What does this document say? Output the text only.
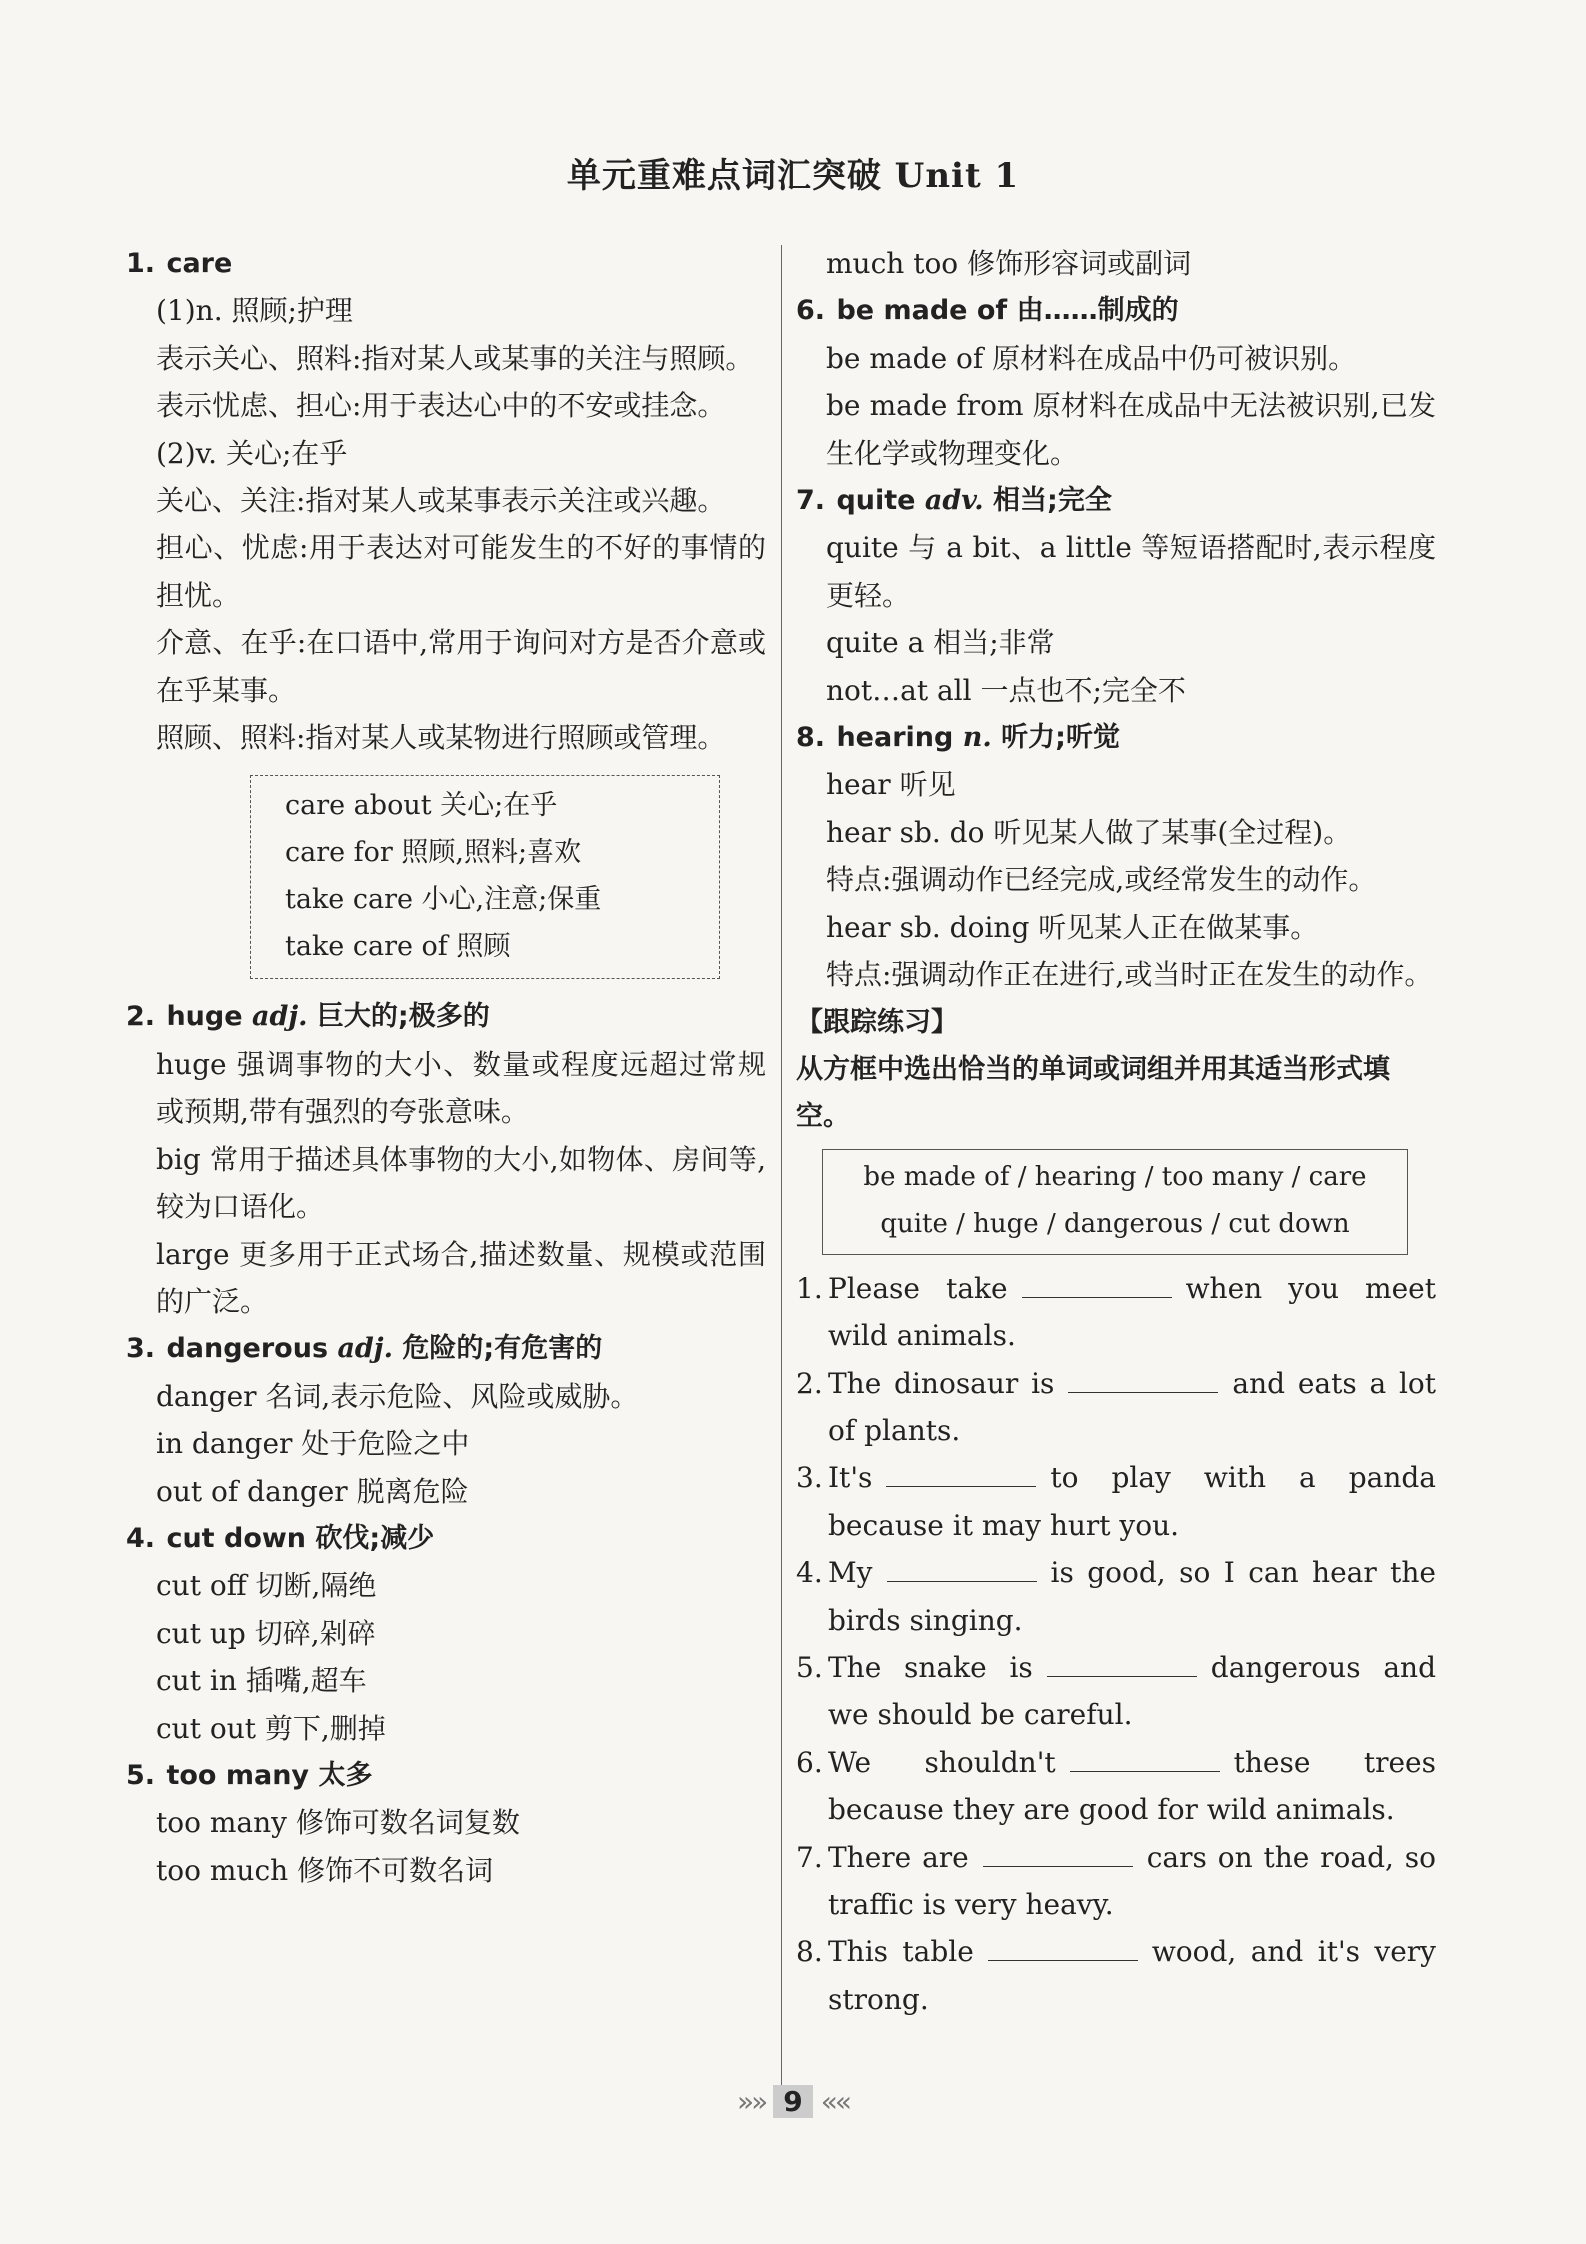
单元重难点词汇突破 Unit 1
1. care
(1)n. 照顾;护理
表示关心、照料:指对某人或某事的关注与照顾。
表示忧虑、担心:用于表达心中的不安或挂念。
(2)v. 关心;在乎
关心、关注:指对某人或某事表示关注或兴趣。
担心、忧虑:用于表达对可能发生的不好的事情的担忧。
介意、在乎:在口语中,常用于询问对方是否介意或在乎某事。
照顾、照料:指对某人或某物进行照顾或管理。
care about 关心;在乎
care for 照顾,照料;喜欢
take care 小心,注意;保重
take care of 照顾
2. huge adj. 巨大的;极多的
huge 强调事物的大小、数量或程度远超过常规或预期,带有强烈的夸张意味。
big 常用于描述具体事物的大小,如物体、房间等,较为口语化。
large 更多用于正式场合,描述数量、规模或范围的广泛。
3. dangerous adj. 危险的;有危害的
danger 名词,表示危险、风险或威胁。
in danger 处于危险之中
out of danger 脱离危险
4. cut down 砍伐;减少
cut off 切断,隔绝
cut up 切碎,剁碎
cut in 插嘴,超车
cut out 剪下,删掉
5. too many 太多
too many 修饰可数名词复数
too much 修饰不可数名词
much too 修饰形容词或副词
6. be made of 由……制成的
be made of 原材料在成品中仍可被识别。
be made from 原材料在成品中无法被识别,已发生化学或物理变化。
7. quite adv. 相当;完全
quite 与 a bit、a little 等短语搭配时,表示程度更轻。
quite a 相当;非常
not…at all 一点也不;完全不
8. hearing n. 听力;听觉
hear 听见
hear sb. do 听见某人做了某事(全过程)。
特点:强调动作已经完成,或经常发生的动作。
hear sb. doing 听见某人正在做某事。
特点:强调动作正在进行,或当时正在发生的动作。
【跟踪练习】
从方框中选出恰当的单词或词组并用其适当形式填空。
be made of / hearing / too many / care
quite / huge / dangerous / cut down
1. Please take	when you meet wild animals.
2. The dinosaur is	and eats a lot of plants.
3. It's	to play with a panda because it may hurt you.
4. My	is good, so I can hear the birds singing.
5. The snake is	dangerous and we should be careful.
6. We shouldn't	these trees because they are good for wild animals.
7. There are	cars on the road, so traffic is very heavy.
8. This table	wood, and it's very strong.
»» 9 ««
